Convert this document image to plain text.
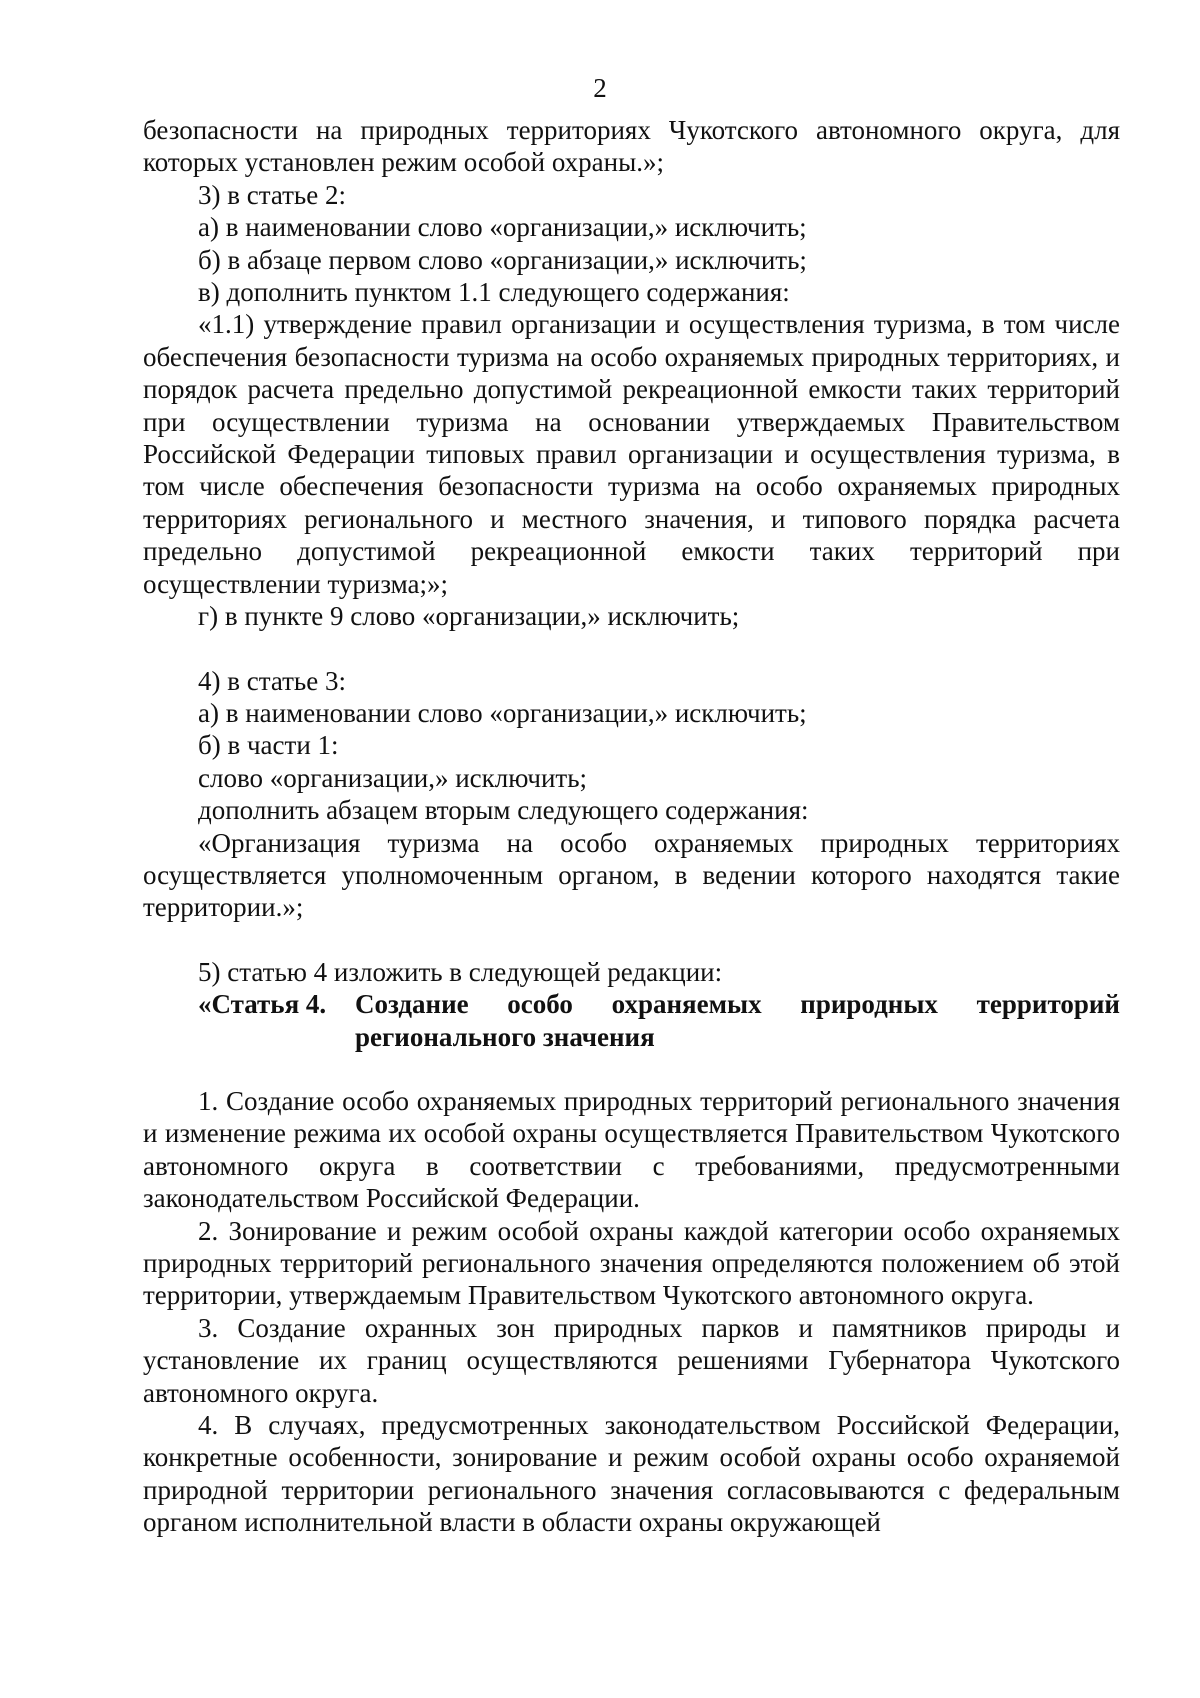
2

безопасности на природных территориях Чукотского автономного округа, для которых установлен режим особой охраны.»;

3) в статье 2:

а) в наименовании слово «организации,» исключить;

б) в абзаце первом слово «организации,» исключить;

в) дополнить пунктом 1.1 следующего содержания:

«1.1) утверждение правил организации и осуществления туризма, в том числе обеспечения безопасности туризма на особо охраняемых природных территориях, и порядок расчета предельно допустимой рекреационной емкости таких территорий при осуществлении туризма на основании утверждаемых Правительством Российской Федерации типовых правил организации и осуществления туризма, в том числе обеспечения безопасности туризма на особо охраняемых природных территориях регионального и местного значения, и типового порядка расчета предельно допустимой рекреационной емкости таких территорий при осуществлении туризма;»;

г) в пункте 9 слово «организации,» исключить;

4) в статье 3:

а) в наименовании слово «организации,» исключить;

б) в части 1:

слово «организации,» исключить;

дополнить абзацем вторым следующего содержания:

«Организация туризма на особо охраняемых природных территориях осуществляется уполномоченным органом, в ведении которого находятся такие территории.»;

5) статью 4 изложить в следующей редакции:

«Статья 4.	Создание особо охраняемых природных территорий регионального значения

1. Создание особо охраняемых природных территорий регионального значения и изменение режима их особой охраны осуществляется Правительством Чукотского автономного округа в соответствии с требованиями, предусмотренными законодательством Российской Федерации.

2. Зонирование и режим особой охраны каждой категории особо охраняемых природных территорий регионального значения определяются положением об этой территории, утверждаемым Правительством Чукотского автономного округа.

3. Создание охранных зон природных парков и памятников природы и установление их границ осуществляются решениями Губернатора Чукотского автономного округа.

4. В случаях, предусмотренных законодательством Российской Федерации, конкретные особенности, зонирование и режим особой охраны особо охраняемой природной территории регионального значения согласовываются с федеральным органом исполнительной власти в области охраны окружающей
